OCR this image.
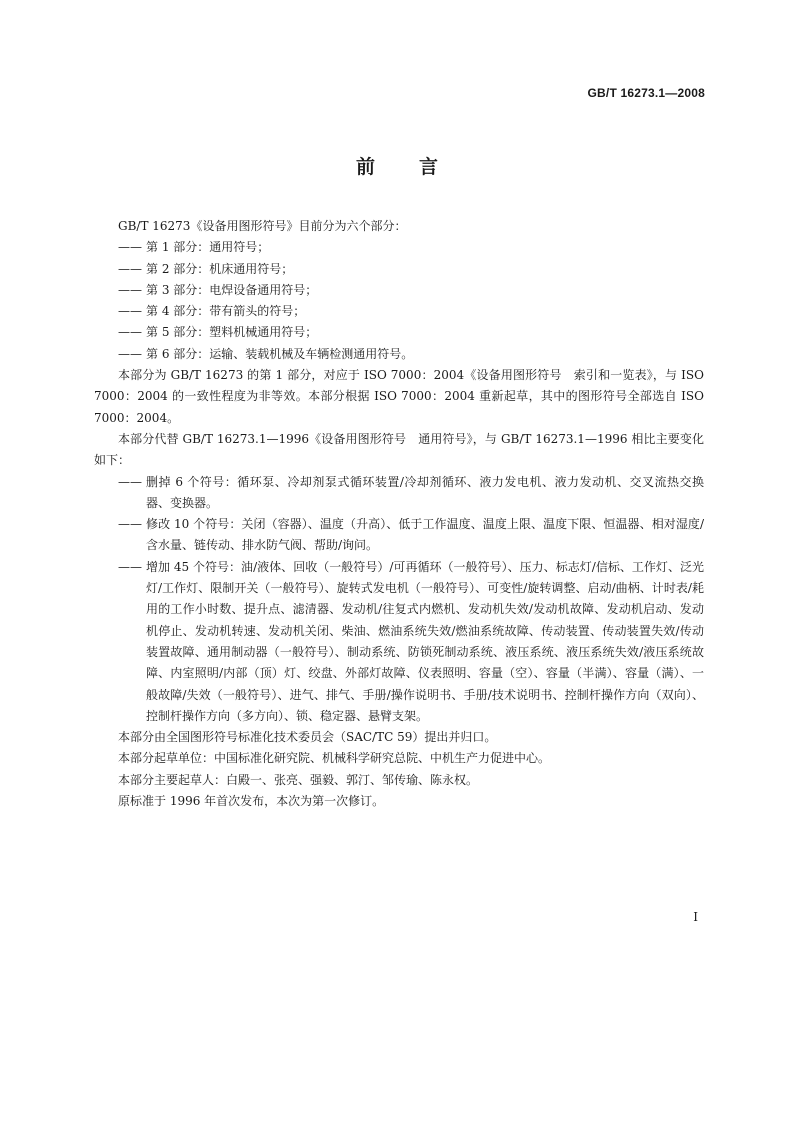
GB/T 16273.1—2008
前 言

GB/T 16273《设备用图形符号》目前分为六个部分：

—— 第 1 部分：通用符号；
—— 第 2 部分：机床通用符号；
—— 第 3 部分：电焊设备通用符号；
—— 第 4 部分：带有箭头的符号；
—— 第 5 部分：塑料机械通用符号；
—— 第 6 部分：运输、装载机械及车辆检测通用符号。

本部分为 GB/T 16273 的第 1 部分，对应于 ISO 7000：2004《设备用图形符号　索引和一览表》，与 ISO 7000：2004 的一致性程度为非等效。本部分根据 ISO 7000：2004 重新起草，其中的图形符号全部选自 ISO 7000：2004。

本部分代替 GB/T 16273.1—1996《设备用图形符号　通用符号》，与 GB/T 16273.1—1996 相比主要变化如下：

—— 删掉 6 个符号：循环泵、冷却剂泵式循环装置/冷却剂循环、液力发电机、液力发动机、交叉流热交换器、变换器。
—— 修改 10 个符号：关闭（容器）、温度（升高）、低于工作温度、温度上限、温度下限、恒温器、相对湿度/含水量、链传动、排水防气阀、帮助/询问。
—— 增加 45 个符号：油/液体、回收（一般符号）/可再循环（一般符号）、压力、标志灯/信标、工作灯、泛光灯/工作灯、限制开关（一般符号）、旋转式发电机（一般符号）、可变性/旋转调整、启动/曲柄、计时表/耗用的工作小时数、提升点、滤清器、发动机/往复式内燃机、发动机失效/发动机故障、发动机启动、发动机停止、发动机转速、发动机关闭、柴油、燃油系统失效/燃油系统故障、传动装置、传动装置失效/传动装置故障、通用制动器（一般符号）、制动系统、防锁死制动系统、液压系统、液压系统失效/液压系统故障、内室照明/内部（顶）灯、绞盘、外部灯故障、仪表照明、容量（空）、容量（半满）、容量（满）、一般故障/失效（一般符号）、进气、排气、手册/操作说明书、手册/技术说明书、控制杆操作方向（双向）、控制杆操作方向（多方向）、锁、稳定器、悬臂支架。

本部分由全国图形符号标准化技术委员会（SAC/TC 59）提出并归口。

本部分起草单位：中国标准化研究院、机械科学研究总院、中机生产力促进中心。

本部分主要起草人：白殿一、张亮、强毅、郭汀、邹传瑜、陈永权。

原标准于 1996 年首次发布，本次为第一次修订。

I
